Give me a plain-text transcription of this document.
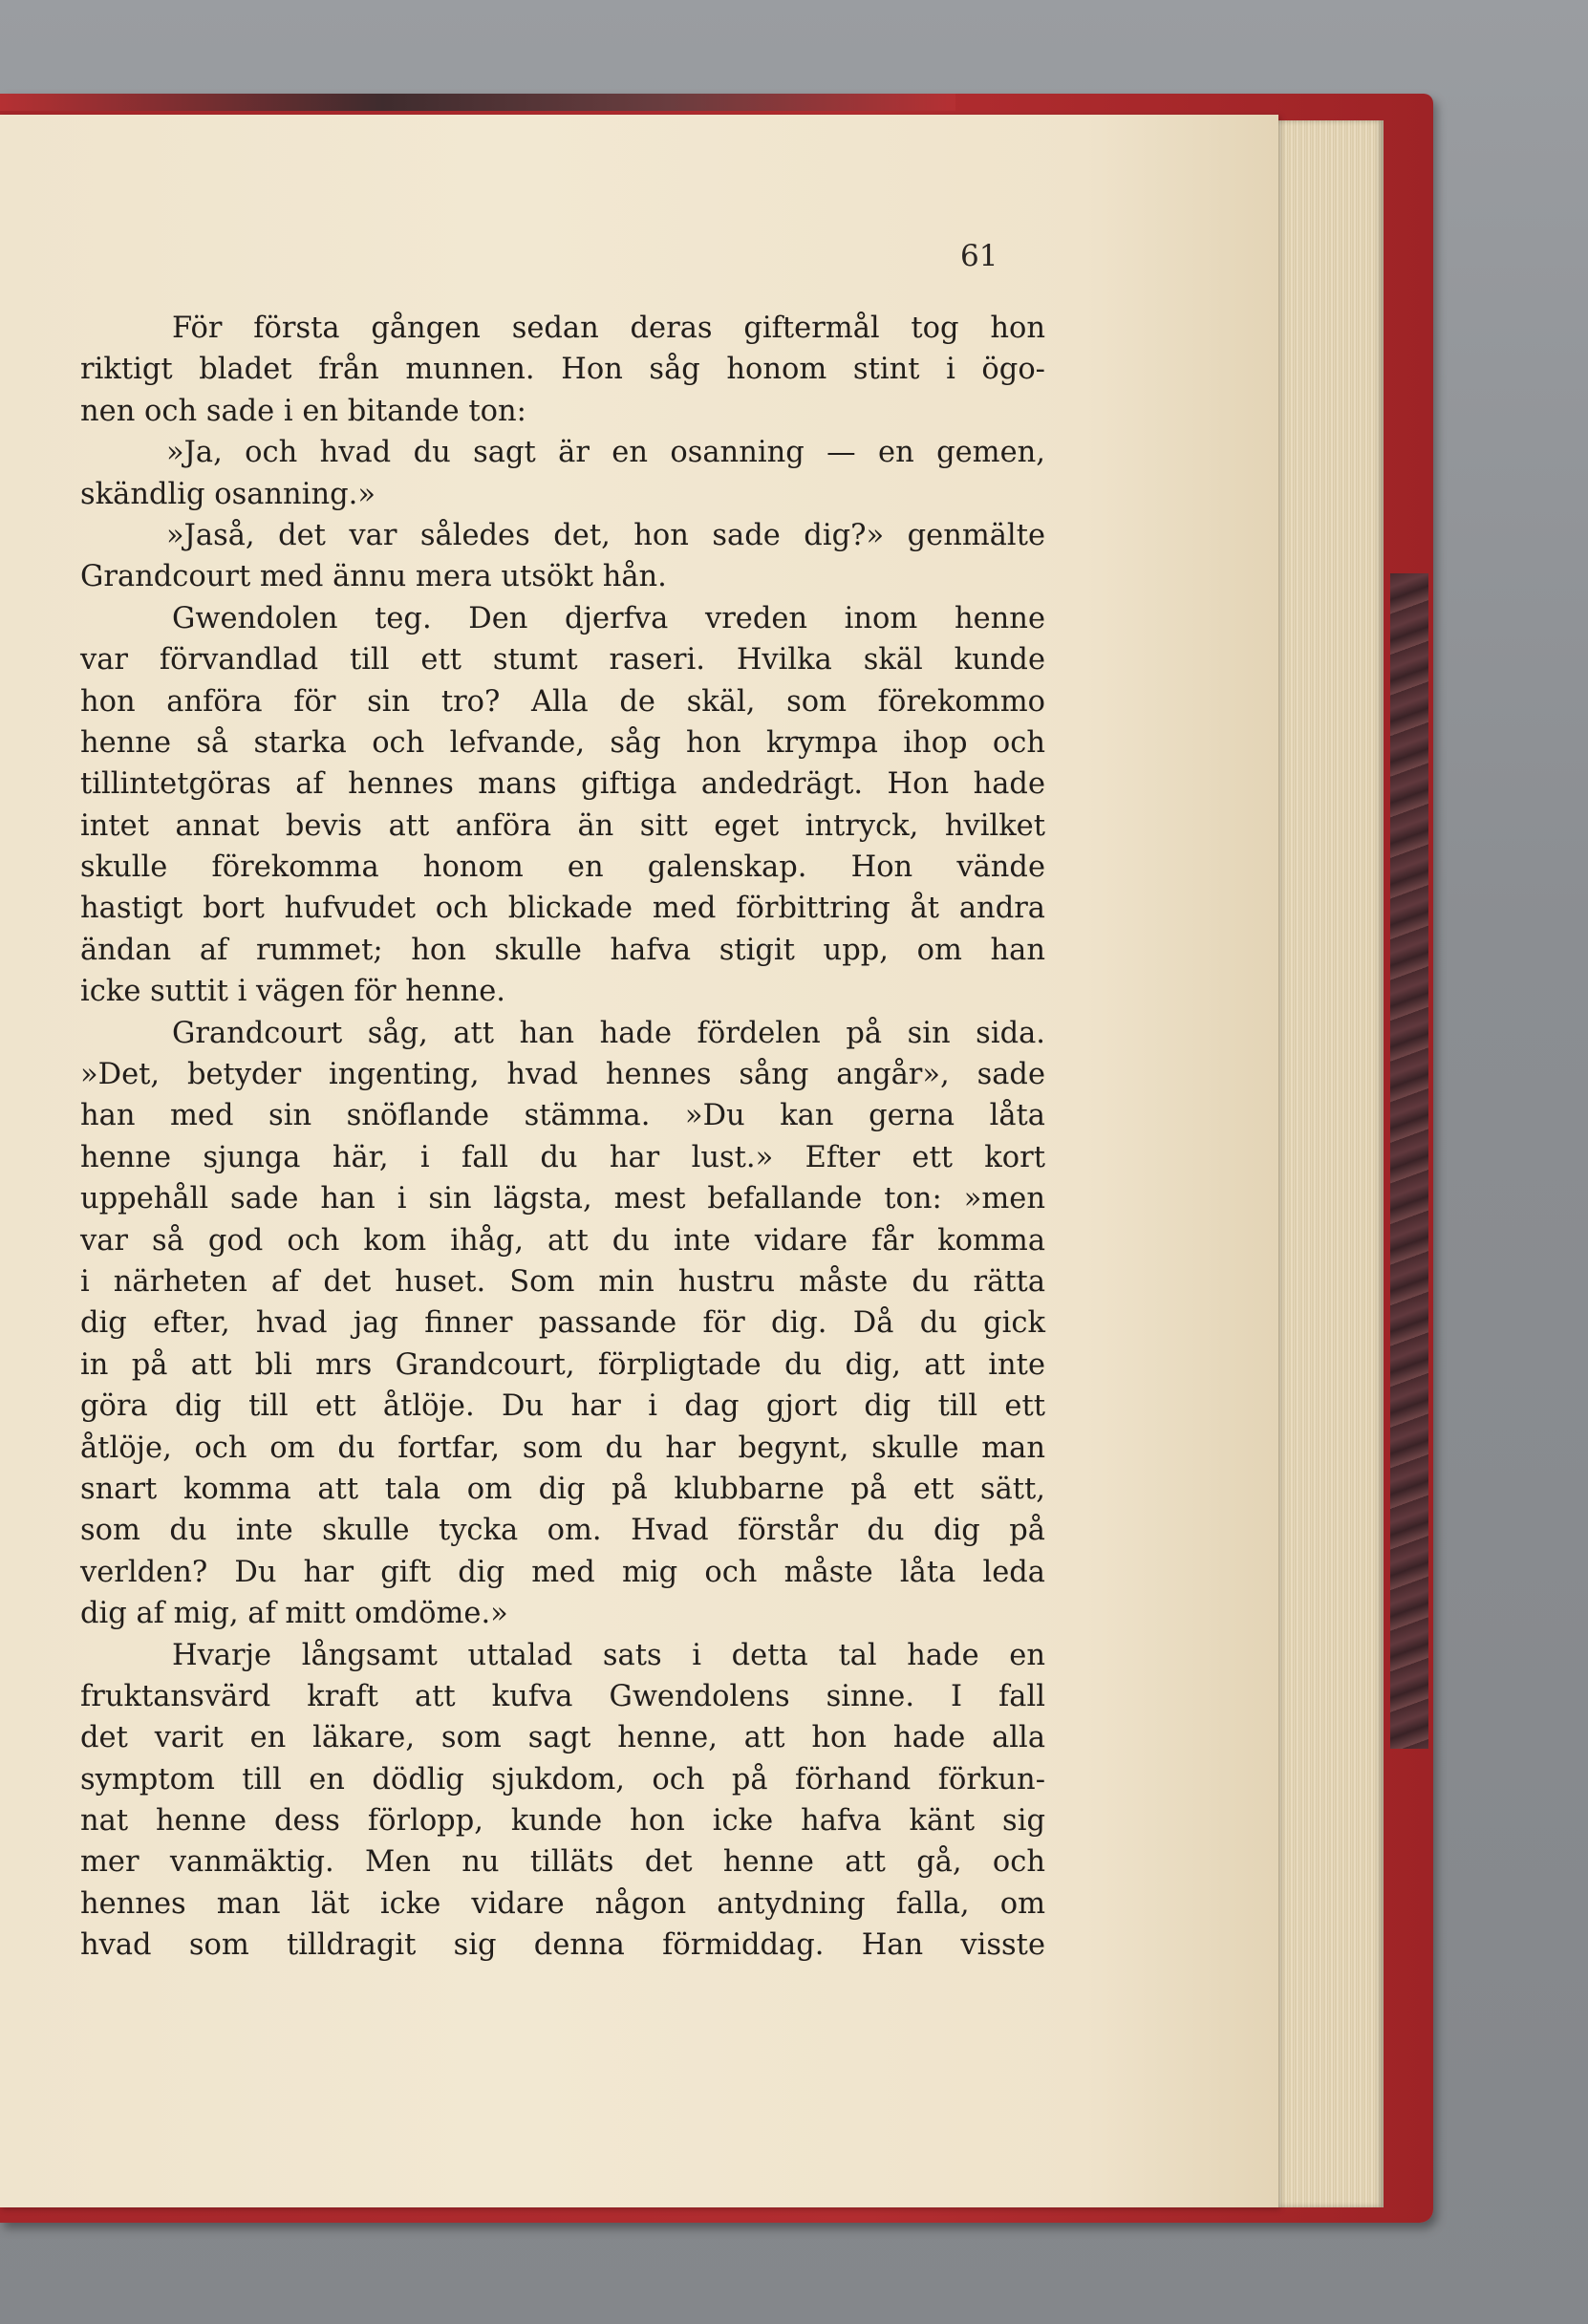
61
För första gången sedan deras giftermål tog hon
riktigt bladet från munnen. Hon såg honom stint i ögo-
nen och sade i en bitande ton:
»Ja, och hvad du sagt är en osanning — en gemen,
skändlig osanning.»
»Jaså, det var således det, hon sade dig?» genmälte
Grandcourt med ännu mera utsökt hån.
Gwendolen teg. Den djerfva vreden inom henne
var förvandlad till ett stumt raseri. Hvilka skäl kunde
hon anföra för sin tro? Alla de skäl, som förekommo
henne så starka och lefvande, såg hon krympa ihop och
tillintetgöras af hennes mans giftiga andedrägt. Hon hade
intet annat bevis att anföra än sitt eget intryck, hvilket
skulle förekomma honom en galenskap. Hon vände
hastigt bort hufvudet och blickade med förbittring åt andra
ändan af rummet; hon skulle hafva stigit upp, om han
icke suttit i vägen för henne.
Grandcourt såg, att han hade fördelen på sin sida.
»Det, betyder ingenting, hvad hennes sång angår», sade
han med sin snöflande stämma. »Du kan gerna låta
henne sjunga här, i fall du har lust.» Efter ett kort
uppehåll sade han i sin lägsta, mest befallande ton: »men
var så god och kom ihåg, att du inte vidare får komma
i närheten af det huset. Som min hustru måste du rätta
dig efter, hvad jag finner passande för dig. Då du gick
in på att bli mrs Grandcourt, förpligtade du dig, att inte
göra dig till ett åtlöje. Du har i dag gjort dig till ett
åtlöje, och om du fortfar, som du har begynt, skulle man
snart komma att tala om dig på klubbarne på ett sätt,
som du inte skulle tycka om. Hvad förstår du dig på
verlden? Du har gift dig med mig och måste låta leda
dig af mig, af mitt omdöme.»
Hvarje långsamt uttalad sats i detta tal hade en
fruktansvärd kraft att kufva Gwendolens sinne. I fall
det varit en läkare, som sagt henne, att hon hade alla
symptom till en dödlig sjukdom, och på förhand förkun-
nat henne dess förlopp, kunde hon icke hafva känt sig
mer vanmäktig. Men nu tilläts det henne att gå, och
hennes man lät icke vidare någon antydning falla, om
hvad som tilldragit sig denna förmiddag. Han visste
